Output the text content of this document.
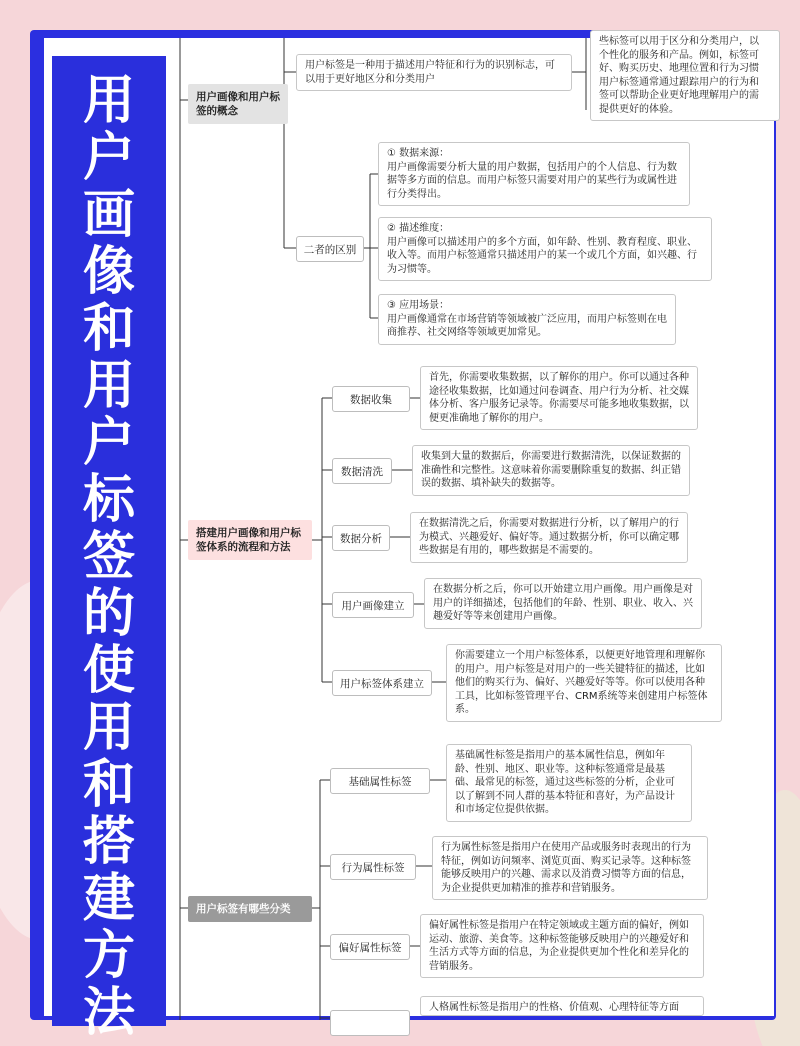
用
户
画
像
和
用
户
标
签
的
使
用
和
搭
建
方
法
用户画像和用户标签的概念
用户标签是一种用于描述用户特征和行为的识别标志，可以用于更好地区分和分类用户
些标签可以用于区分和分类用户，以
个性化的服务和产品。例如，标签可
好、购买历史、地理位置和行为习惯
用户标签通常通过跟踪用户的行为和
签可以帮助企业更好地理解用户的需
提供更好的体验。
二者的区别
① 数据来源：
用户画像需要分析大量的用户数据，包括用户的个人信息、行为数据等多方面的信息。而用户标签只需要对用户的某些行为或属性进行分类得出。
② 描述维度：
用户画像可以描述用户的多个方面，如年龄、性别、教育程度、职业、收入等。而用户标签通常只描述用户的某一个或几个方面，如兴趣、行为习惯等。
③ 应用场景：
用户画像通常在市场营销等领域被广泛应用，而用户标签则在电商推荐、社交网络等领域更加常见。
搭建用户画像和用户标签体系的流程和方法
数据收集
首先，你需要收集数据，以了解你的用户。你可以通过各种途径收集数据，比如通过问卷调查、用户行为分析、社交媒体分析、客户服务记录等。你需要尽可能多地收集数据，以便更准确地了解你的用户。
数据清洗
收集到大量的数据后，你需要进行数据清洗，以保证数据的准确性和完整性。这意味着你需要删除重复的数据、纠正错误的数据、填补缺失的数据等。
数据分析
在数据清洗之后，你需要对数据进行分析，以了解用户的行为模式、兴趣爱好、偏好等。通过数据分析，你可以确定哪些数据是有用的，哪些数据是不需要的。
用户画像建立
在数据分析之后，你可以开始建立用户画像。用户画像是对用户的详细描述，包括他们的年龄、性别、职业、收入、兴趣爱好等等来创建用户画像。
用户标签体系建立
你需要建立一个用户标签体系，以便更好地管理和理解你的用户。用户标签是对用户的一些关键特征的描述，比如他们的购买行为、偏好、兴趣爱好等等。你可以使用各种工具，比如标签管理平台、CRM系统等来创建用户标签体系。
用户标签有哪些分类
基础属性标签
基础属性标签是指用户的基本属性信息，例如年龄、性别、地区、职业等。这种标签通常是最基础、最常见的标签，通过这些标签的分析，企业可以了解到不同人群的基本特征和喜好，为产品设计和市场定位提供依据。
行为属性标签
行为属性标签是指用户在使用产品或服务时表现出的行为特征，例如访问频率、浏览页面、购买记录等。这种标签能够反映用户的兴趣、需求以及消费习惯等方面的信息，为企业提供更加精准的推荐和营销服务。
偏好属性标签
偏好属性标签是指用户在特定领域或主题方面的偏好，例如运动、旅游、美食等。这种标签能够反映用户的兴趣爱好和生活方式等方面的信息，为企业提供更加个性化和差异化的营销服务。
人格属性标签是指用户的性格、价值观、心理特征等方面
